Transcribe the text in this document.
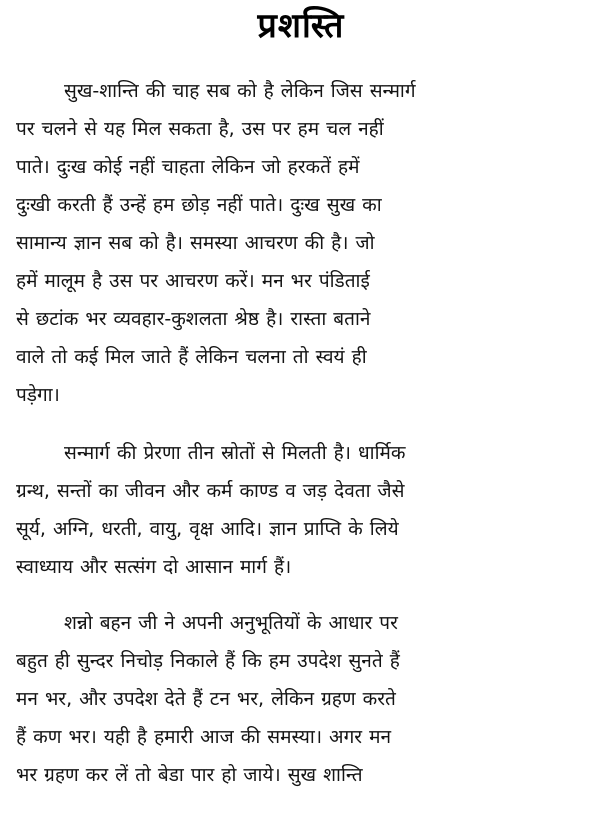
प्रशस्ति
सुख-शान्ति की चाह सब को है लेकिन जिस सन्मार्ग
पर चलने से यह मिल सकता है, उस पर हम चल नहीं
पाते। दुःख कोई नहीं चाहता लेकिन जो हरकतें हमें
दुःखी करती हैं उन्हें हम छोड़ नहीं पाते। दुःख सुख का
सामान्य ज्ञान सब को है। समस्या आचरण की है। जो
हमें मालूम है उस पर आचरण करें। मन भर पंडिताई
से छटांक भर व्यवहार-कुशलता श्रेष्ठ है। रास्ता बताने
वाले तो कई मिल जाते हैं लेकिन चलना तो स्वयं ही
पड़ेगा।
सन्मार्ग की प्रेरणा तीन स्रोतों से मिलती है। धार्मिक
ग्रन्थ, सन्तों का जीवन और कर्म काण्ड व जड़ देवता जैसे
सूर्य, अग्नि, धरती, वायु, वृक्ष आदि। ज्ञान प्राप्ति के लिये
स्वाध्याय और सत्संग दो आसान मार्ग हैं।
शन्नो बहन जी ने अपनी अनुभूतियों के आधार पर
बहुत ही सुन्दर निचोड़ निकाले हैं कि हम उपदेश सुनते हैं
मन भर, और उपदेश देते हैं टन भर, लेकिन ग्रहण करते
हैं कण भर। यही है हमारी आज की समस्या। अगर मन
भर ग्रहण कर लें तो बेडा पार हो जाये। सुख शान्ति
